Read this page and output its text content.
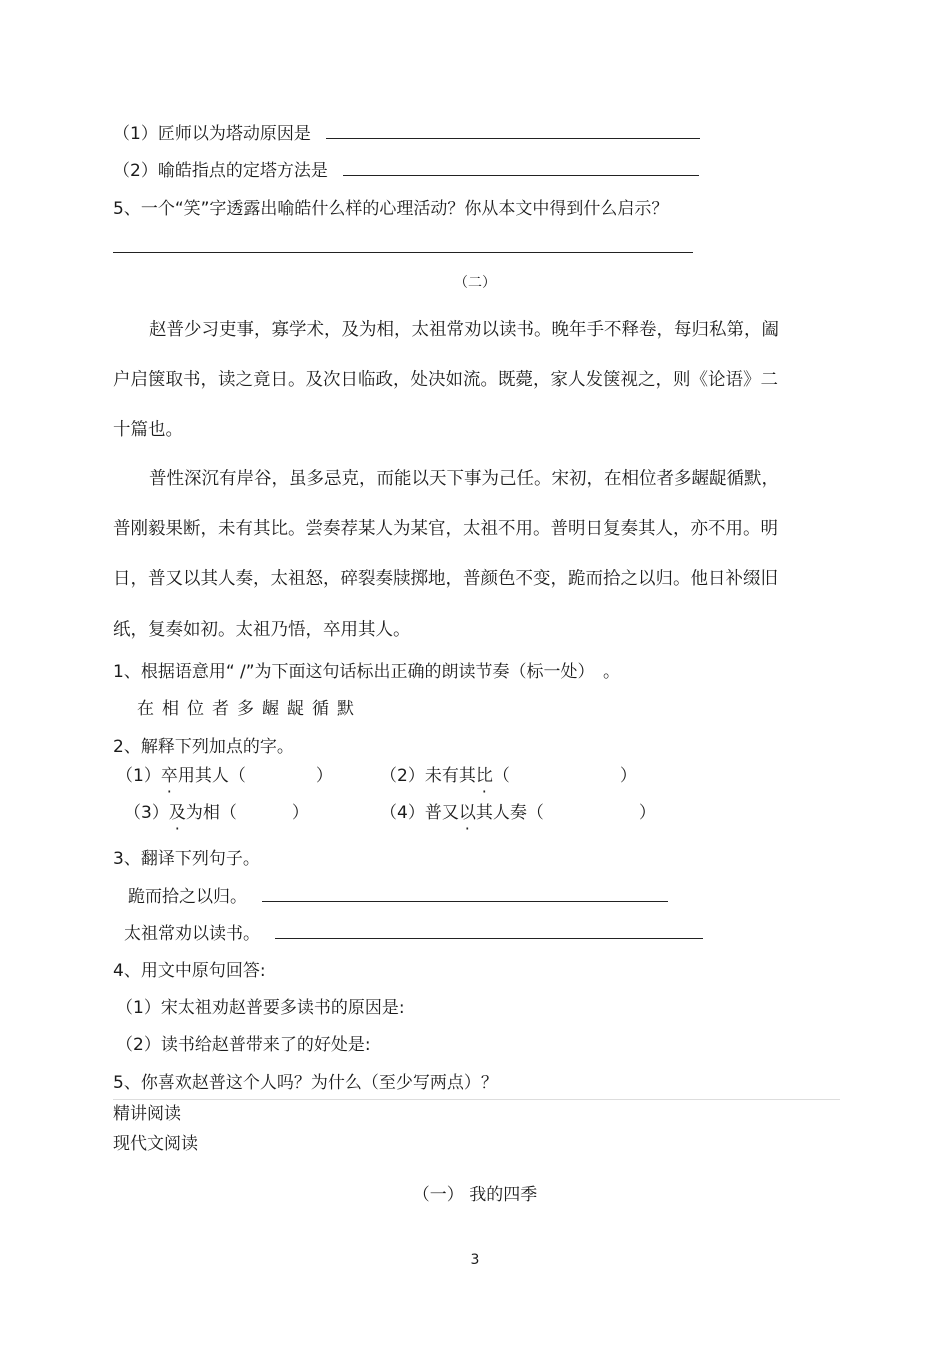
（1）匠师以为塔动原因是
（2）喻皓指点的定塔方法是
5、一个“笑”字透露出喻皓什么样的心理活动？你从本文中得到什么启示？
（二）
赵普少习吏事，寡学术，及为相，太祖常劝以读书。晚年手不释卷，每归私第，阖
户启箧取书，读之竟日。及次日临政，处决如流。既薨，家人发箧视之，则《论语》二
十篇也。
普性深沉有岸谷，虽多忌克，而能以天下事为己任。宋初，在相位者多龌龊循默，
普刚毅果断，未有其比。尝奏荐某人为某官，太祖不用。普明日复奏其人，亦不用。明
日，普又以其人奏，太祖怒，碎裂奏牍掷地，普颜色不变，跪而拾之以归。他日补缀旧
纸，复奏如初。太祖乃悟，卒用其人。
1、根据语意用“ /”为下面这句话标出正确的朗读节奏（标一处）　。
在相位者多龌龊循默
2、解释下列加点的字。
（1）卒用其人（	）	（2）未有其比（	）
（3）及为相（	）	（4）普又以其人奏（	）
3、翻译下列句子。
跪而拾之以归。
太祖常劝以读书。
4、用文中原句回答:
（1）宋太祖劝赵普要多读书的原因是:
（2）读书给赵普带来了的好处是:
5、你喜欢赵普这个人吗？为什么（至少写两点）？
精讲阅读
现代文阅读
（一） 我的四季
3
